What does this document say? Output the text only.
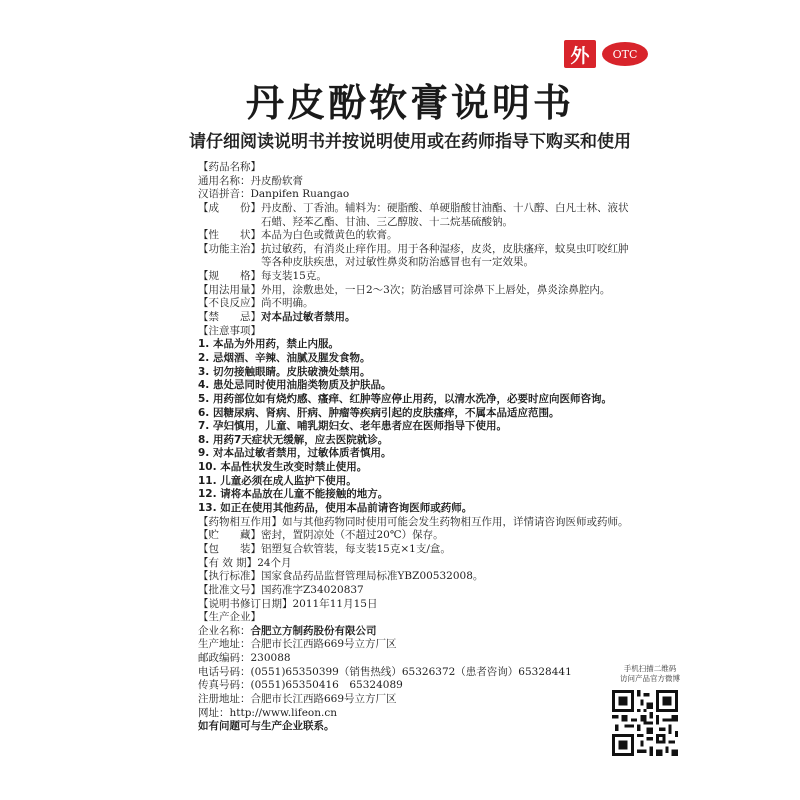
外	OTC
丹皮酚软膏说明书
请仔细阅读说明书并按说明使用或在药师指导下购买和使用
【药品名称】
通用名称： 丹皮酚软膏
汉语拼音： Danpifen Ruangao
【成　　份】 丹皮酚、丁香油。辅料为：硬脂酸、单硬脂酸甘油酯、十八醇、白凡士林、液状石蜡、羟苯乙酯、甘油、三乙醇胺、十二烷基硫酸钠。
【性　　状】 本品为白色或微黄色的软膏。
【功能主治】 抗过敏药，有消炎止痒作用。用于各种湿疹，皮炎，皮肤瘙痒，蚊臭虫叮咬红肿等各种皮肤疾患，对过敏性鼻炎和防治感冒也有一定效果。
【规　　格】 每支装15克。
【用法用量】 外用，涂敷患处，一日2～3次；防治感冒可涂鼻下上唇处，鼻炎涂鼻腔内。
【不良反应】 尚不明确。
【禁　　忌】 对本品过敏者禁用。
【注意事项】
1. 本品为外用药，禁止内服。
2. 忌烟酒、辛辣、油腻及腥发食物。
3. 切勿接触眼睛。皮肤破溃处禁用。
4. 患处忌同时使用油脂类物质及护肤品。
5. 用药部位如有烧灼感、瘙痒、红肿等应停止用药，以清水洗净，必要时应向医师咨询。
6. 因糖尿病、肾病、肝病、肿瘤等疾病引起的皮肤瘙痒，不属本品适应范围。
7. 孕妇慎用，儿童、哺乳期妇女、老年患者应在医师指导下使用。
8. 用药7天症状无缓解，应去医院就诊。
9. 对本品过敏者禁用，过敏体质者慎用。
10. 本品性状发生改变时禁止使用。
11. 儿童必须在成人监护下使用。
12. 请将本品放在儿童不能接触的地方。
13. 如正在使用其他药品，使用本品前请咨询医师或药师。
【药物相互作用】 如与其他药物同时使用可能会发生药物相互作用，详情请咨询医师或药师。
【贮　　藏】 密封，置阴凉处（不超过20℃）保存。
【包　　装】 铝塑复合软管装，每支装15克×1支/盒。
【有 效 期】 24个月
【执行标准】 国家食品药品监督管理局标准YBZ00532008。
【批准文号】 国药准字Z34020837
【说明书修订日期】 2011年11月15日
【生产企业】
企业名称： 合肥立方制药股份有限公司
生产地址： 合肥市长江西路669号立方厂区
邮政编码： 230088
电话号码： (0551)65350399（销售热线）65326372（患者咨询）65328441
传真号码： (0551)65350416　65324089
注册地址： 合肥市长江西路669号立方厂区
网址： http://www.lifeon.cn
如有问题可与生产企业联系。
手机扫描二维码
访问产品官方微博
